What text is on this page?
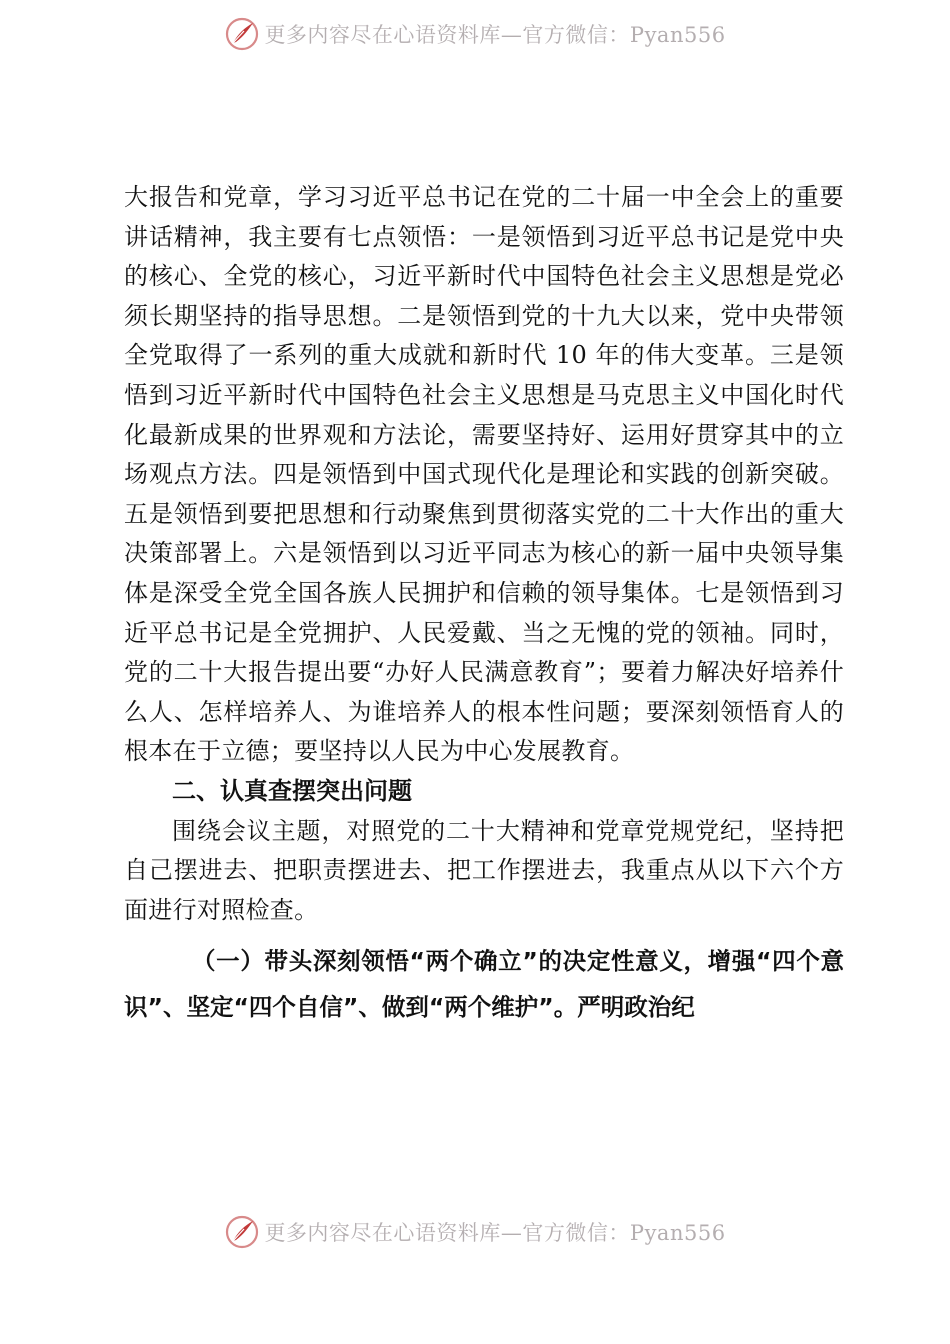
更多内容尽在心语资料库—官方微信：Pyan556

大报告和党章，学习习近平总书记在党的二十届一中全会上的重要讲话精神，我主要有七点领悟：一是领悟到习近平总书记是党中央的核心、全党的核心，习近平新时代中国特色社会主义思想是党必须长期坚持的指导思想。二是领悟到党的十九大以来，党中央带领全党取得了一系列的重大成就和新时代 10 年的伟大变革。三是领悟到习近平新时代中国特色社会主义思想是马克思主义中国化时代化最新成果的世界观和方法论，需要坚持好、运用好贯穿其中的立场观点方法。四是领悟到中国式现代化是理论和实践的创新突破。五是领悟到要把思想和行动聚焦到贯彻落实党的二十大作出的重大决策部署上。六是领悟到以习近平同志为核心的新一届中央领导集体是深受全党全国各族人民拥护和信赖的领导集体。七是领悟到习近平总书记是全党拥护、人民爱戴、当之无愧的党的领袖。同时，党的二十大报告提出要“办好人民满意教育”；要着力解决好培养什么人、怎样培养人、为谁培养人的根本性问题；要深刻领悟育人的根本在于立德；要坚持以人民为中心发展教育。

二、认真查摆突出问题

围绕会议主题，对照党的二十大精神和党章党规党纪，坚持把自己摆进去、把职责摆进去、把工作摆进去，我重点从以下六个方面进行对照检查。

（一）带头深刻领悟“两个确立”的决定性意义，增强“四个意识”、坚定“四个自信”、做到“两个维护”。严明政治纪

更多内容尽在心语资料库—官方微信：Pyan556
